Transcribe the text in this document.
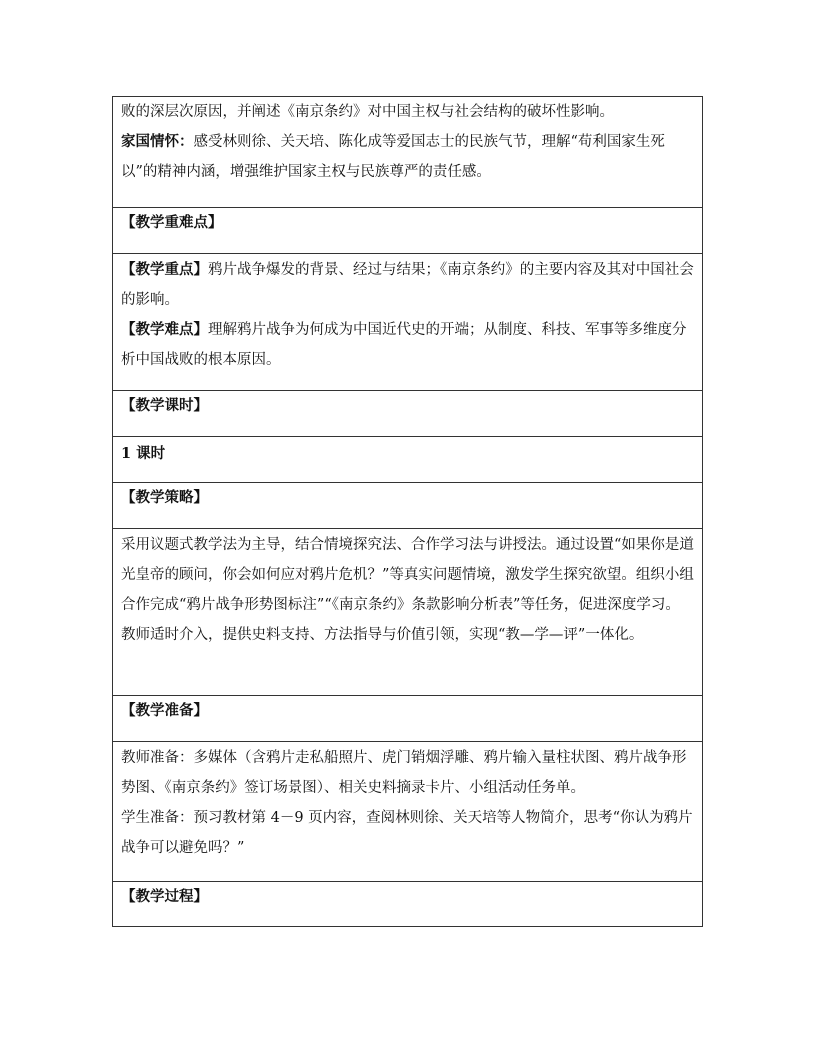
败的深层次原因，并阐述《南京条约》对中国主权与社会结构的破坏性影响。

家国情怀：感受林则徐、关天培、陈化成等爱国志士的民族气节，理解“苟利国家生死以”的精神内涵，增强维护国家主权与民族尊严的责任感。

【教学重难点】

【教学重点】鸦片战争爆发的背景、经过与结果；《南京条约》的主要内容及其对中国社会的影响。

【教学难点】理解鸦片战争为何成为中国近代史的开端；从制度、科技、军事等多维度分析中国战败的根本原因。

【教学课时】

1 课时

【教学策略】

采用议题式教学法为主导，结合情境探究法、合作学习法与讲授法。通过设置“如果你是道光皇帝的顾问，你会如何应对鸦片危机？”等真实问题情境，激发学生探究欲望。组织小组合作完成“鸦片战争形势图标注”“《南京条约》条款影响分析表”等任务，促进深度学习。教师适时介入，提供史料支持、方法指导与价值引领，实现“教—学—评”一体化。

【教学准备】

教师准备：多媒体（含鸦片走私船照片、虎门销烟浮雕、鸦片输入量柱状图、鸦片战争形势图、《南京条约》签订场景图）、相关史料摘录卡片、小组活动任务单。

学生准备：预习教材第 4－9 页内容，查阅林则徐、关天培等人物简介，思考“你认为鸦片战争可以避免吗？”

【教学过程】
